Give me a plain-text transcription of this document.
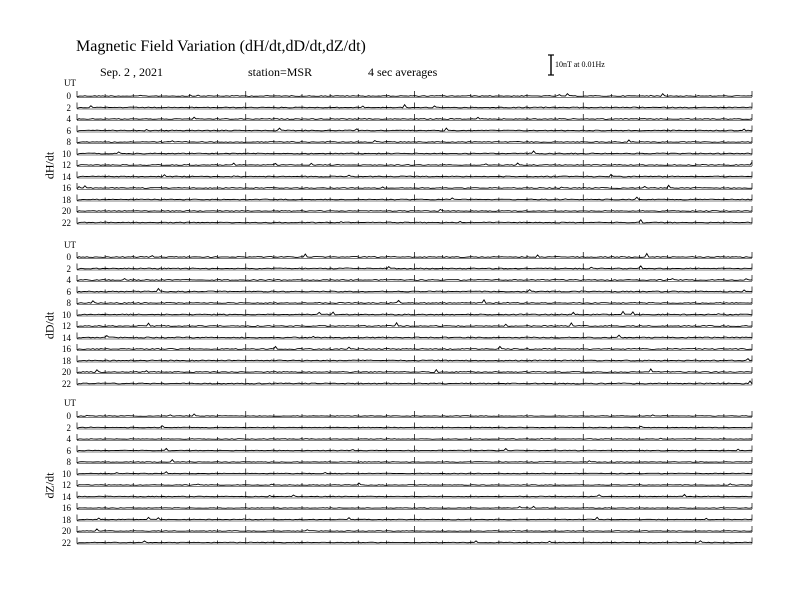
Magnetic Field Variation (dH/dt,dD/dt,dZ/dt)
Sep. 2 , 2021	station=MSR	4 sec averages
10nT at 0.01Hz
UT
dH/dt
0
2
4
6
8
10
12
14
16
18
20
22
UT
dD/dt
0
2
4
6
8
10
12
14
16
18
20
22
UT
dZ/dt
0
2
4
6
8
10
12
14
16
18
20
22
